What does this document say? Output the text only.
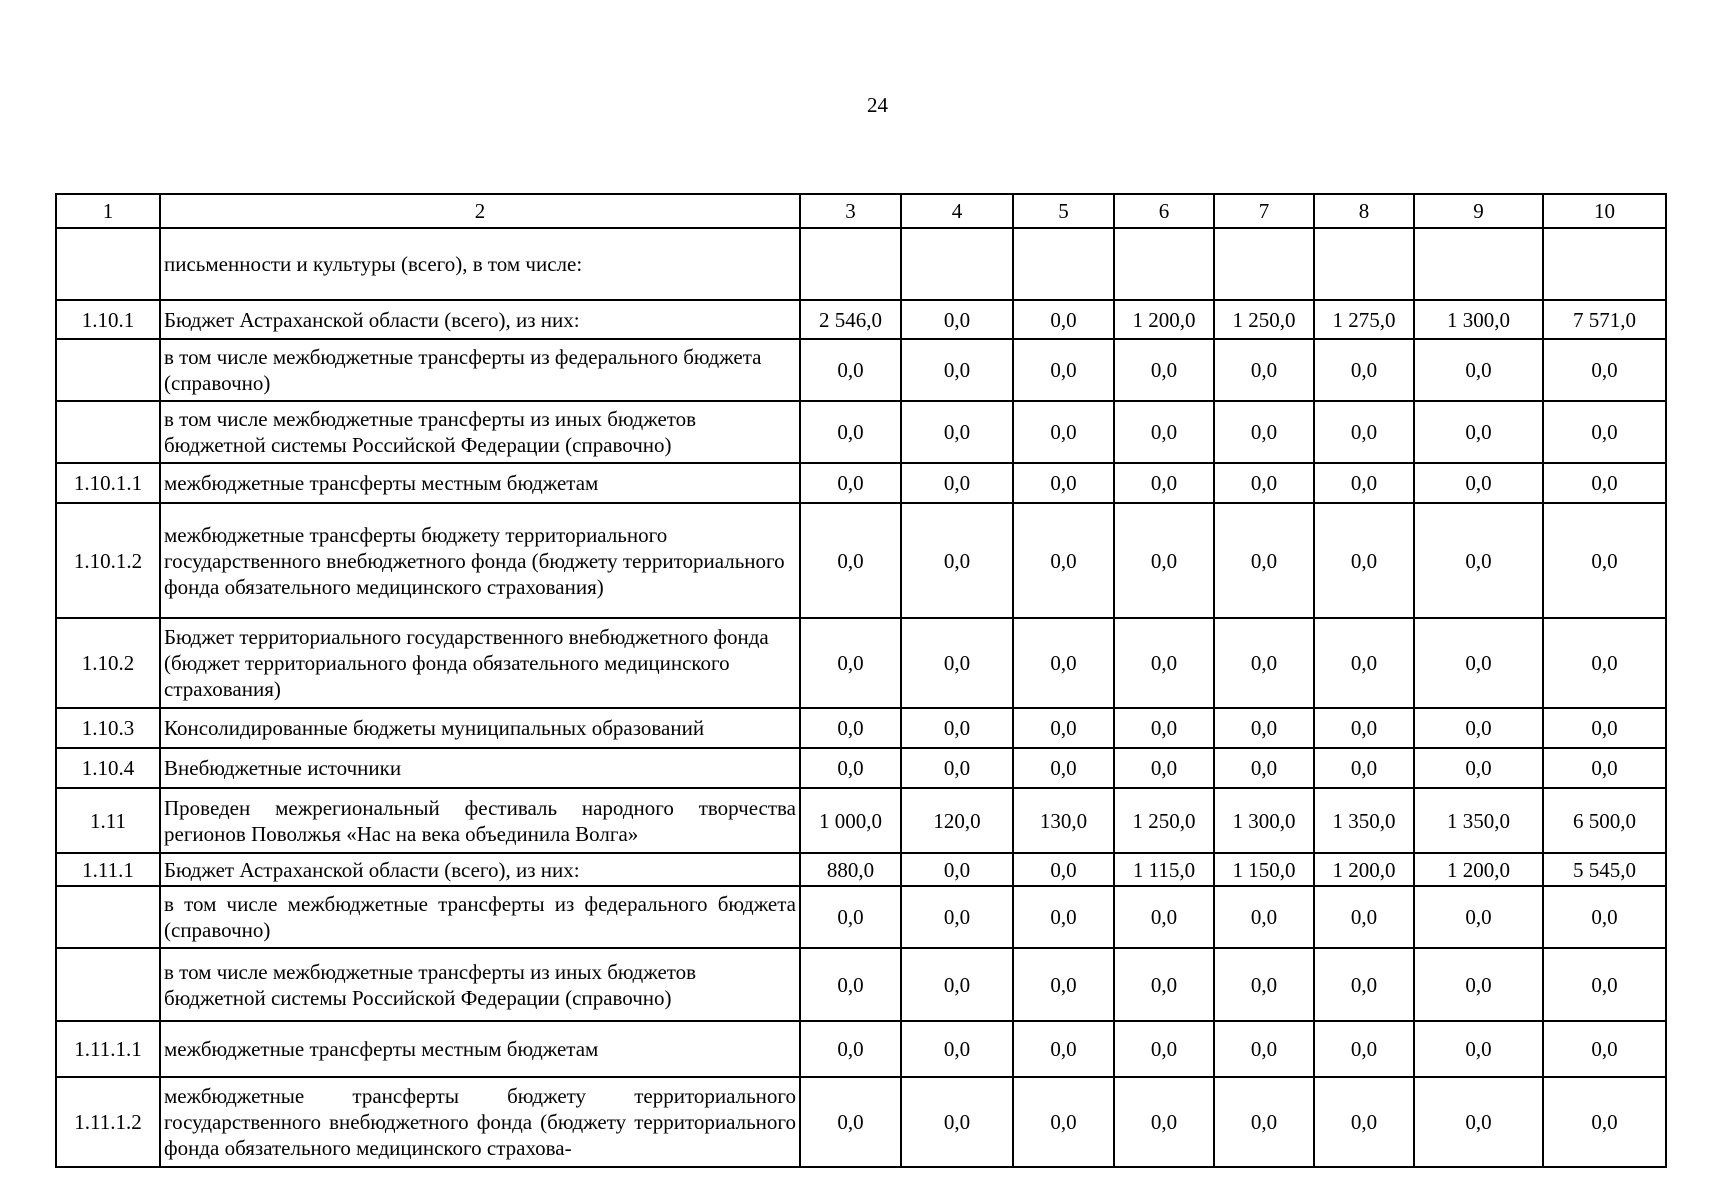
24
1	2	3	4	5	6	7	8	9	10
	письменности и культуры (всего), в том числе:								
1.10.1	Бюджет Астраханской области (всего), из них:	2 546,0	0,0	0,0	1 200,0	1 250,0	1 275,0	1 300,0	7 571,0
	в том числе межбюджетные трансферты из федерального бюджета (справочно)	0,0	0,0	0,0	0,0	0,0	0,0	0,0	0,0
	в том числе межбюджетные трансферты из иных бюджетов бюджетной системы Российской Федерации (справочно)	0,0	0,0	0,0	0,0	0,0	0,0	0,0	0,0
1.10.1.1	межбюджетные трансферты местным бюджетам	0,0	0,0	0,0	0,0	0,0	0,0	0,0	0,0
1.10.1.2	межбюджетные трансферты бюджету территориального государственного внебюджетного фонда (бюджету территориального фонда обязательного медицинского страхования)	0,0	0,0	0,0	0,0	0,0	0,0	0,0	0,0
1.10.2	Бюджет территориального государственного внебюджетного фонда (бюджет территориального фонда обязательного медицинского страхования)	0,0	0,0	0,0	0,0	0,0	0,0	0,0	0,0
1.10.3	Консолидированные бюджеты муниципальных образований	0,0	0,0	0,0	0,0	0,0	0,0	0,0	0,0
1.10.4	Внебюджетные источники	0,0	0,0	0,0	0,0	0,0	0,0	0,0	0,0
1.11	Проведен межрегиональный фестиваль народного творчества регионов Поволжья «Нас на века объединила Волга»	1 000,0	120,0	130,0	1 250,0	1 300,0	1 350,0	1 350,0	6 500,0
1.11.1	Бюджет Астраханской области (всего), из них:	880,0	0,0	0,0	1 115,0	1 150,0	1 200,0	1 200,0	5 545,0
	в том числе межбюджетные трансферты из федерального бюджета (справочно)	0,0	0,0	0,0	0,0	0,0	0,0	0,0	0,0
	в том числе межбюджетные трансферты из иных бюджетов бюджетной системы Российской Федерации (справочно)	0,0	0,0	0,0	0,0	0,0	0,0	0,0	0,0
1.11.1.1	межбюджетные трансферты местным бюджетам	0,0	0,0	0,0	0,0	0,0	0,0	0,0	0,0
1.11.1.2	межбюджетные трансферты бюджету территориального государственного внебюджетного фонда (бюджету территориального фонда обязательного медицинского страхова-	0,0	0,0	0,0	0,0	0,0	0,0	0,0	0,0
